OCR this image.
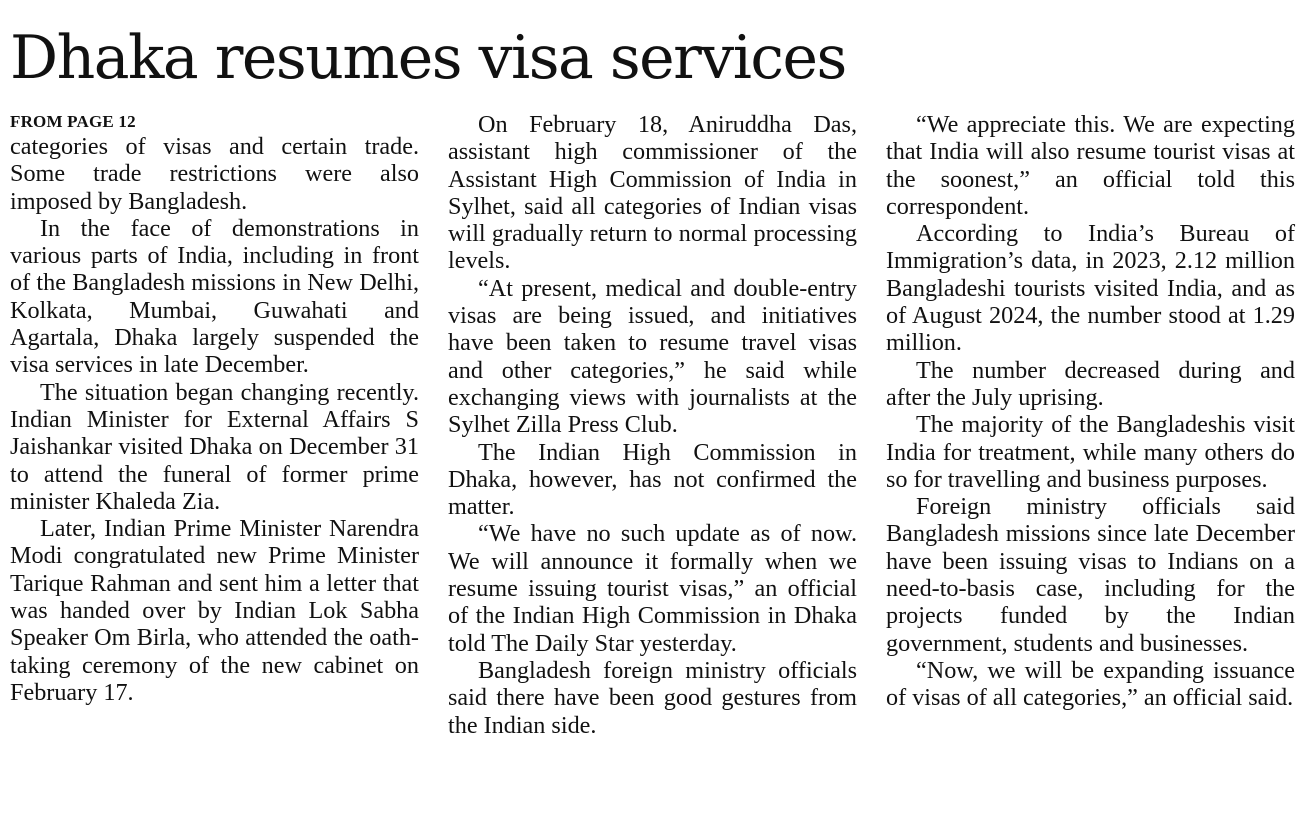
Dhaka resumes visa services
FROM PAGE 12

categories of visas and certain trade. Some trade restrictions were also imposed by Bangladesh.

In the face of demonstrations in various parts of India, including in front of the Bangladesh missions in New Delhi, Kolkata, Mumbai, Guwahati and Agartala, Dhaka largely suspended the visa services in late December.

The situation began changing recently. Indian Minister for External Affairs S Jaishankar visited Dhaka on December 31 to attend the funeral of former prime minister Khaleda Zia.

Later, Indian Prime Minister Narendra Modi congratulated new Prime Minister Tarique Rahman and sent him a letter that was handed over by Indian Lok Sabha Speaker Om Birla, who attended the oath-taking ceremony of the new cabinet on February 17.

On February 18, Aniruddha Das, assistant high commissioner of the Assistant High Commission of India in Sylhet, said all categories of Indian visas will gradually return to normal processing levels.

“At present, medical and double-entry visas are being issued, and initiatives have been taken to resume travel visas and other categories,” he said while exchanging views with journalists at the Sylhet Zilla Press Club.

The Indian High Commission in Dhaka, however, has not confirmed the matter.

“We have no such update as of now. We will announce it formally when we resume issuing tourist visas,” an official of the Indian High Commission in Dhaka told The Daily Star yesterday.

Bangladesh foreign ministry officials said there have been good gestures from the Indian side.

“We appreciate this. We are expecting that India will also resume tourist visas at the soonest,” an official told this correspondent.

According to India’s Bureau of Immigration’s data, in 2023, 2.12 million Bangladeshi tourists visited India, and as of August 2024, the number stood at 1.29 million.

The number decreased during and after the July uprising.

The majority of the Bangladeshis visit India for treatment, while many others do so for travelling and business purposes.

Foreign ministry officials said Bangladesh missions since late December have been issuing visas to Indians on a need-to-basis case, including for the projects funded by the Indian government, students and businesses.

“Now, we will be expanding issuance of visas of all categories,” an official said.
